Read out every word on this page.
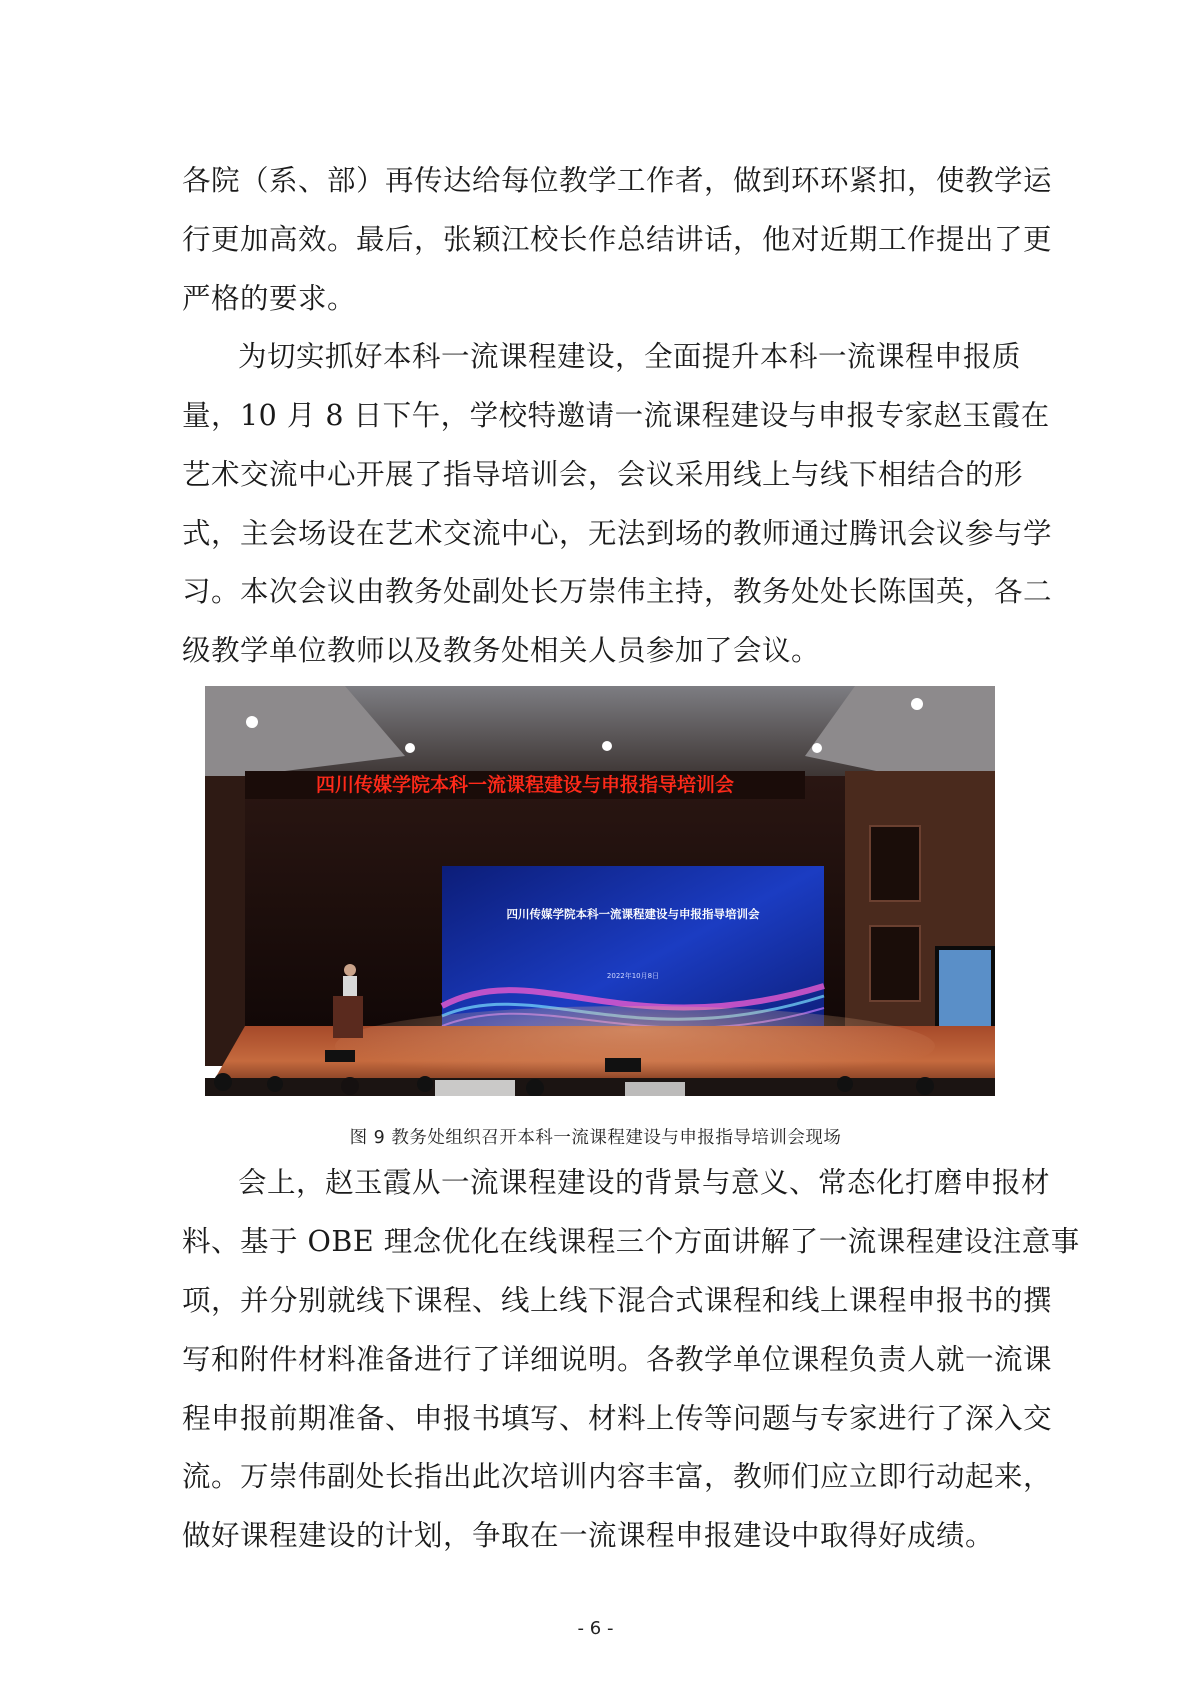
各院（系、部）再传达给每位教学工作者，做到环环紧扣，使教学运
行更加高效。最后，张颖江校长作总结讲话，他对近期工作提出了更
严格的要求。
为切实抓好本科一流课程建设，全面提升本科一流课程申报质
量，10 月 8 日下午，学校特邀请一流课程建设与申报专家赵玉霞在
艺术交流中心开展了指导培训会，会议采用线上与线下相结合的形
式，主会场设在艺术交流中心，无法到场的教师通过腾讯会议参与学
习。本次会议由教务处副处长万崇伟主持，教务处处长陈国英，各二
级教学单位教师以及教务处相关人员参加了会议。
四川传媒学院本科一流课程建设与申报指导培训会
四川传媒学院本科一流课程建设与申报指导培训会
2022年10月8日
图 9 教务处组织召开本科一流课程建设与申报指导培训会现场
会上，赵玉霞从一流课程建设的背景与意义、常态化打磨申报材
料、基于 OBE 理念优化在线课程三个方面讲解了一流课程建设注意事
项，并分别就线下课程、线上线下混合式课程和线上课程申报书的撰
写和附件材料准备进行了详细说明。各教学单位课程负责人就一流课
程申报前期准备、申报书填写、材料上传等问题与专家进行了深入交
流。万崇伟副处长指出此次培训内容丰富，教师们应立即行动起来，
做好课程建设的计划，争取在一流课程申报建设中取得好成绩。
- 6 -
